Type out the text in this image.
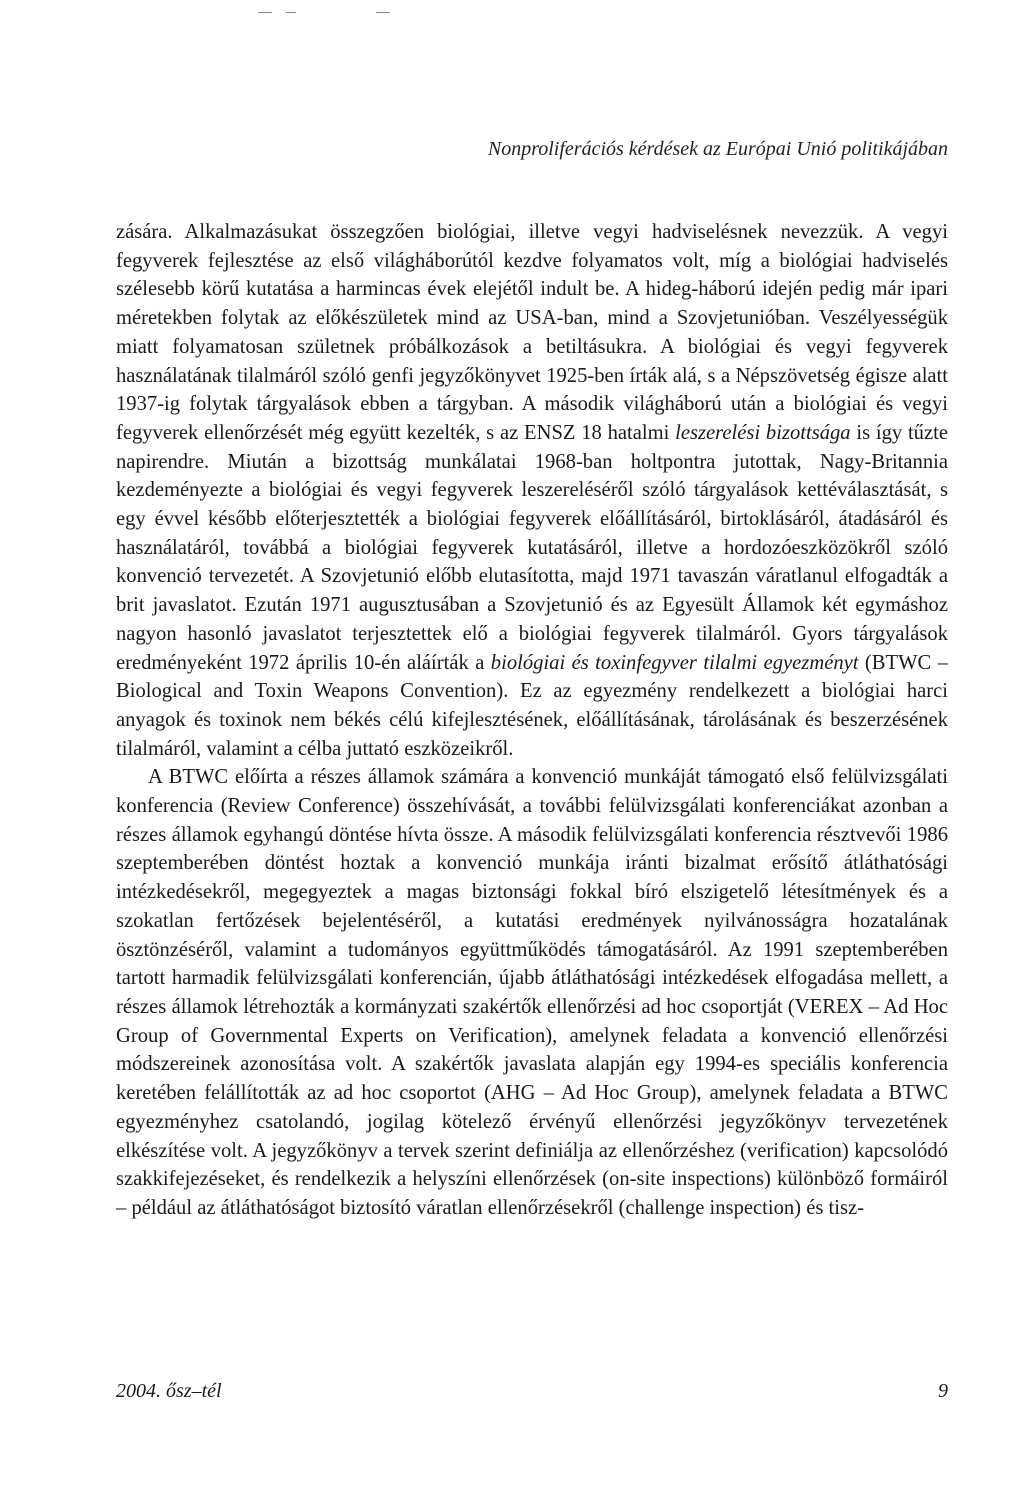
Nonproliferációs kérdések az Európai Unió politikájában

zására. Alkalmazásukat összegzően biológiai, illetve vegyi hadviselésnek nevezzük. A vegyi fegyverek fejlesztése az első világháborútól kezdve folyamatos volt, míg a biológiai hadviselés szélesebb körű kutatása a harmincas évek elejétől indult be. A hideg-háború idején pedig már ipari méretekben folytak az előkészületek mind az USA-ban, mind a Szovjetunióban. Veszélyességük miatt folyamatosan születnek próbálkozások a betiltásukra. A biológiai és vegyi fegyverek használatának tilalmáról szóló genfi jegyzőkönyvet 1925-ben írták alá, s a Népszövetség égisze alatt 1937-ig folytak tárgyalások ebben a tárgyban. A második világháború után a biológiai és vegyi fegyverek ellenőrzését még együtt kezelték, s az ENSZ 18 hatalmi leszerelési bizottsága is így tűzte napirendre. Miután a bizottság munkálatai 1968-ban holtpontra jutottak, Nagy-Britannia kezdeményezte a biológiai és vegyi fegyverek leszereléséről szóló tárgyalások kettéválasztását, s egy évvel később előterjesztették a biológiai fegyverek előállításáról, birtoklásáról, átadásáról és használatáról, továbbá a biológiai fegyverek kutatásáról, illetve a hordozóeszközökről szóló konvenció tervezetét. A Szovjetunió előbb elutasította, majd 1971 tavaszán váratlanul elfogadták a brit javaslatot. Ezután 1971 augusztusában a Szovjetunió és az Egyesült Államok két egymáshoz nagyon hasonló javaslatot terjesztettek elő a biológiai fegyverek tilalmáról. Gyors tárgyalások eredményeként 1972 április 10-én aláírták a biológiai és toxinfegyver tilalmi egyezményt (BTWC – Biological and Toxin Weapons Convention). Ez az egyezmény rendelkezett a biológiai harci anyagok és toxinok nem békés célú kifejlesztésének, előállításának, tárolásának és beszerzésének tilalmáról, valamint a célba juttató eszközeikről.

A BTWC előírta a részes államok számára a konvenció munkáját támogató első felülvizsgálati konferencia (Review Conference) összehívását, a további felülvizsgálati konferenciákat azonban a részes államok egyhangú döntése hívta össze. A második felülvizsgálati konferencia résztvevői 1986 szeptemberében döntést hoztak a konvenció munkája iránti bizalmat erősítő átláthatósági intézkedésekről, megegyeztek a magas biztonsági fokkal bíró elszigetelő létesítmények és a szokatlan fertőzések bejelentéséről, a kutatási eredmények nyilvánosságra hozatalának ösztönzéséről, valamint a tudományos együttműködés támogatásáról. Az 1991 szeptemberében tartott harmadik felülvizsgálati konferencián, újabb átláthatósági intézkedések elfogadása mellett, a részes államok létrehozták a kormányzati szakértők ellenőrzési ad hoc csoportját (VEREX – Ad Hoc Group of Governmental Experts on Verification), amelynek feladata a konvenció ellenőrzési módszereinek azonosítása volt. A szakértők javaslata alapján egy 1994-es speciális konferencia keretében felállították az ad hoc csoportot (AHG – Ad Hoc Group), amelynek feladata a BTWC egyezményhez csatolandó, jogilag kötelező érvényű ellenőrzési jegyzőkönyv tervezetének elkészítése volt. A jegyzőkönyv a tervek szerint definiálja az ellenőrzéshez (verification) kapcsolódó szakkifejezéseket, és rendelkezik a helyszíni ellenőrzések (on-site inspections) különböző formáiról – például az átláthatóságot biztosító váratlan ellenőrzésekről (challenge inspection) és tisz-

2004. ősz–tél	9
